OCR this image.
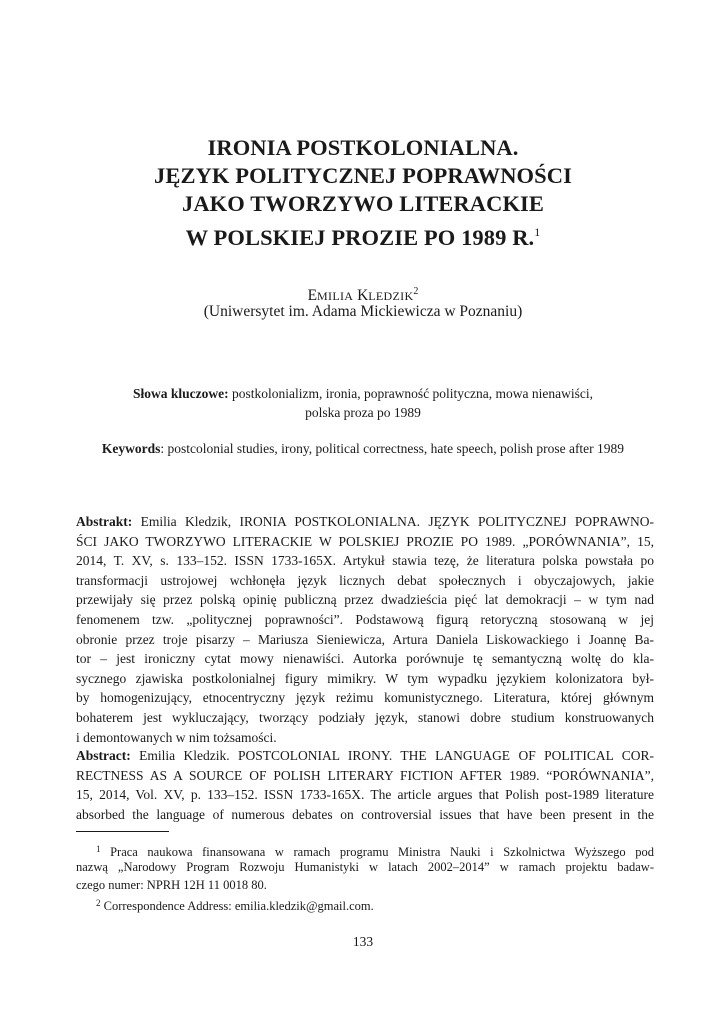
IRONIA POSTKOLONIALNA.
JĘZYK POLITYCZNEJ POPRAWNOŚCI
JAKO TWORZYWO LITERACKIE
W POLSKIEJ PROZIE PO 1989 R.$^1$
EMILIA KLEDZIK$^2$
(Uniwersytet im. Adama Mickiewicza w Poznaniu)
Słowa kluczowe: postkolonializm, ironia, poprawność polityczna, mowa nienawiści,
polska proza po 1989
Keywords: postcolonial studies, irony, political correctness, hate speech, polish prose after 1989
Abstrakt: Emilia Kledzik, IRONIA POSTKOLONIALNA. JĘZYK POLITYCZNEJ POPRAWNO-
ŚCI JAKO TWORZYWO LITERACKIE W POLSKIEJ PROZIE PO 1989. „PORÓWNANIA”, 15,
2014, T. XV, s. 133–152. ISSN 1733-165X. Artykuł stawia tezę, że literatura polska powstała po
transformacji ustrojowej wchłonęła język licznych debat społecznych i obyczajowych, jakie
przewijały się przez polską opinię publiczną przez dwadzieścia pięć lat demokracji – w tym nad
fenomenem tzw. „politycznej poprawności”. Podstawową figurą retoryczną stosowaną w jej
obronie przez troje pisarzy – Mariusza Sieniewicza, Artura Daniela Liskowackiego i Joannę Ba-
tor – jest ironiczny cytat mowy nienawiści. Autorka porównuje tę semantyczną woltę do kla-
sycznego zjawiska postkolonialnej figury mimikry. W tym wypadku językiem kolonizatora był-
by homogenizujący, etnocentryczny język reżimu komunistycznego. Literatura, której głównym
bohaterem jest wykluczający, tworzący podziały język, stanowi dobre studium konstruowanych
i demontowanych w nim tożsamości.
Abstract: Emilia Kledzik. POSTCOLONIAL IRONY. THE LANGUAGE OF POLITICAL COR-
RECTNESS AS A SOURCE OF POLISH LITERARY FICTION AFTER 1989. “PORÓWNANIA”,
15, 2014, Vol. XV, p. 133–152. ISSN 1733-165X. The article argues that Polish post-1989 literature
absorbed the language of numerous debates on controversial issues that have been present in the
$^1$ Praca naukowa finansowana w ramach programu Ministra Nauki i Szkolnictwa Wyższego pod
nazwą „Narodowy Program Rozwoju Humanistyki w latach 2002–2014” w ramach projektu badaw-
czego numer: NPRH 12H 11 0018 80.
$^2$ Correspondence Address: emilia.kledzik@gmail.com.
133
